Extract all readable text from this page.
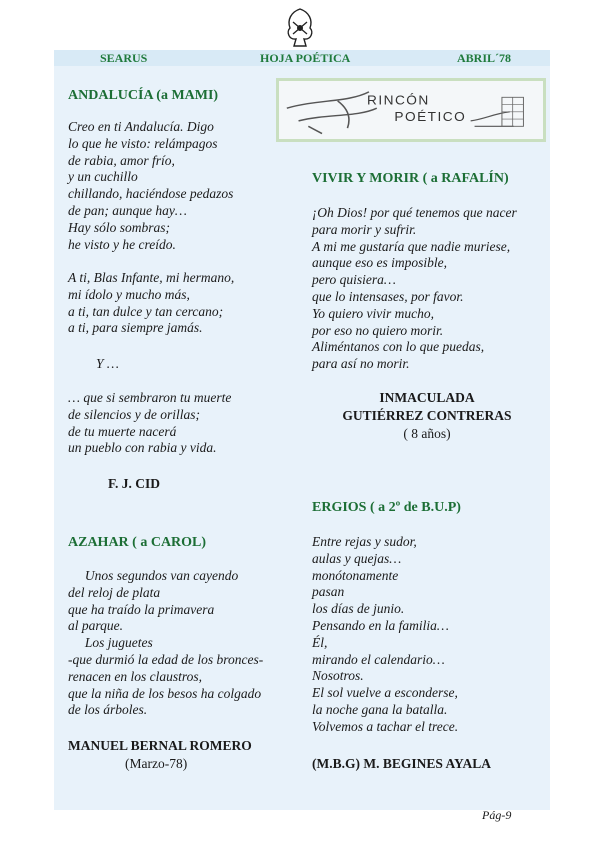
SEARUS	HOJA POÉTICA	ABRIL´78
RINCÓN
POÉTICO
ANDALUCÍA (a MAMI)
Creo en ti Andalucía. Digo
lo que he visto: relámpagos
de rabia, amor frío,
y un cuchillo
chillando, haciéndose pedazos
de pan; aunque hay…
Hay sólo sombras;
he visto y he creído.
A ti, Blas Infante, mi hermano,
mi ídolo y mucho más,
a ti, tan dulce y tan cercano;
a ti, para siempre jamás.
Y …
… que si sembraron tu muerte
de silencios y de orillas;
de tu muerte nacerá
un pueblo con rabia y vida.
F. J. CID
AZAHAR ( a CAROL)
Unos segundos van cayendo
del reloj de plata
que ha traído la primavera
al parque.
Los juguetes
-que durmió la edad de los bronces-
renacen en los claustros,
que la niña de los besos ha colgado
de los árboles.
MANUEL BERNAL ROMERO
(Marzo-78)
VIVIR Y MORIR ( a RAFALÍN)
¡Oh Dios! por qué tenemos que nacer
para morir y sufrir.
A mi me gustaría que nadie muriese,
aunque eso es imposible,
pero quisiera…
que lo intensases, por favor.
Yo quiero vivir mucho,
por eso no quiero morir.
Aliméntanos con lo que puedas,
para así no morir.
INMACULADA
GUTIÉRREZ CONTRERAS
( 8 años)
ERGIOS ( a 2º de B.U.P)
Entre rejas y sudor,
aulas y quejas…
monótonamente
pasan
los días de junio.
Pensando en la familia…
Él,
mirando el calendario…
Nosotros.
El sol vuelve a esconderse,
la noche gana la batalla.
Volvemos a tachar el trece.
(M.B.G) M. BEGINES AYALA
Pág-9
